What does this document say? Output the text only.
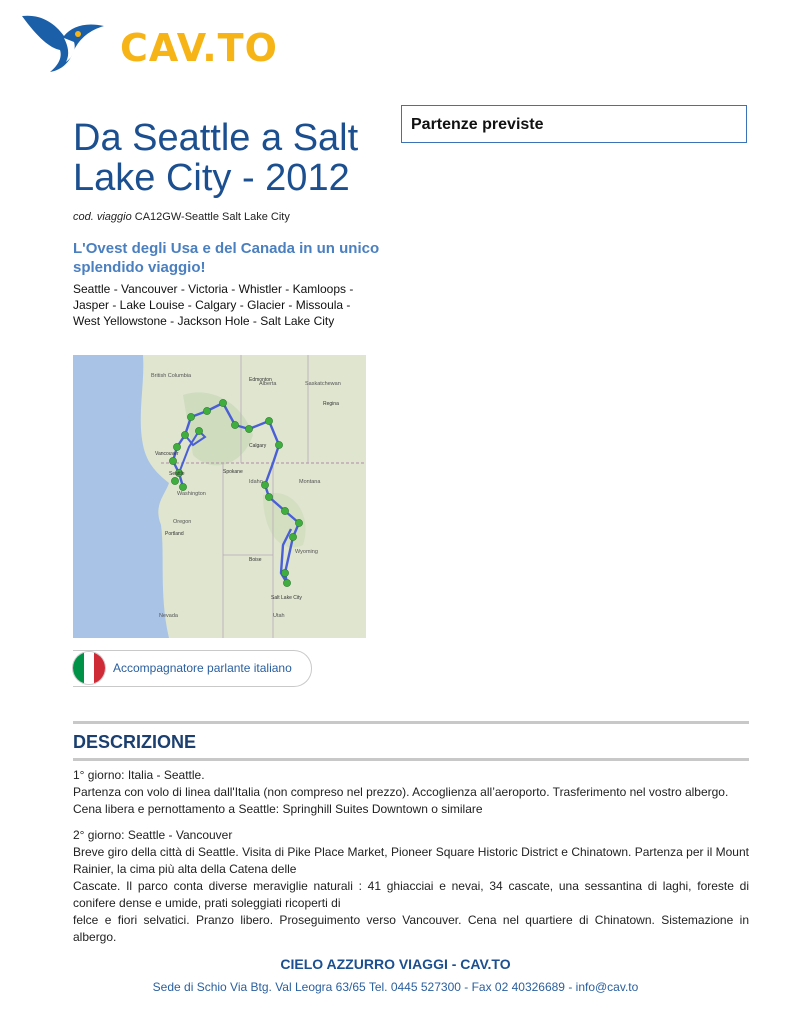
CAV.TO
Da Seattle a Salt Lake City - 2012
cod. viaggio CA12GW-Seattle Salt Lake City
L'Ovest degli Usa e del Canada in un unico splendido viaggio!
Seattle - Vancouver - Victoria - Whistler - Kamloops - Jasper - Lake Louise - Calgary - Glacier - Missoula - West Yellowstone - Jackson Hole - Salt Lake City
British Columbia
Alberta	Saskatchewan
Washington
Oregon
Idaho	Montana
Wyoming
Nevada	Utah
Spokane
Portland
Seattle
Vancouver
Calgary
Edmonton
Boise
Salt Lake City
Regina
Accompagnatore parlante italiano
Partenze previste
DESCRIZIONE

1° giorno: Italia - Seattle.

Partenza con volo di linea dall'Italia (non compreso nel prezzo). Accoglienza all’aeroporto. Trasferimento nel vostro albergo.

Cena libera e pernottamento a Seattle: Springhill Suites Downtown o similare

2° giorno: Seattle - Vancouver

Breve giro della città di Seattle. Visita di Pike Place Market, Pioneer Square Historic District e Chinatown. Partenza per il Mount Rainier, la cima più alta della Catena delle

Cascate. Il parco conta diverse meraviglie naturali : 41 ghiacciai e nevai, 34 cascate, una sessantina di laghi, foreste di conifere dense e umide, prati soleggiati ricoperti di

felce e fiori selvatici. Pranzo libero. Proseguimento verso Vancouver. Cena nel quartiere di Chinatown. Sistemazione in albergo.

CIELO AZZURRO VIAGGI - CAV.TO
Sede di Schio Via Btg. Val Leogra 63/65 Tel. 0445 527300 - Fax 02 40326689 - info@cav.to
